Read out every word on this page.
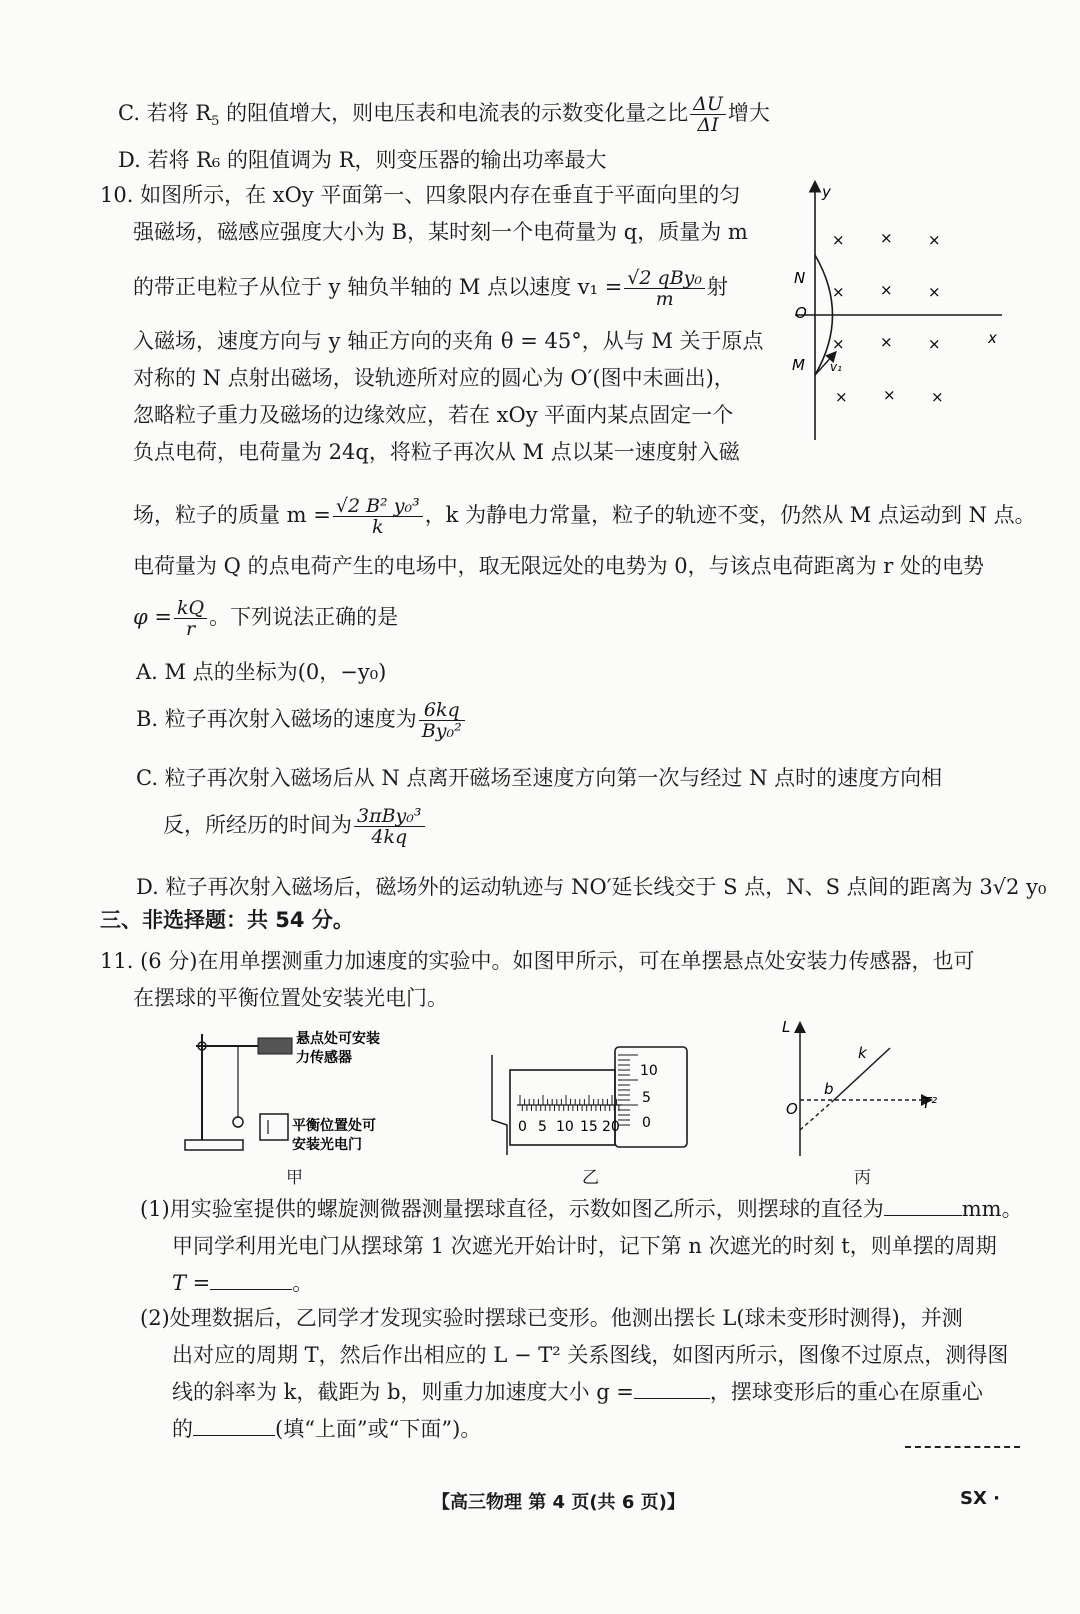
C. 若将 $R_5$ 的阻值增大，则电压表和电流表的示数变化量之比 $\frac{\Delta U}{\Delta I}$ 增大
D. 若将 R₆ 的阻值调为 R，则变压器的输出功率最大
10. 如图所示，在 xOy 平面第一、四象限内存在垂直于平面向里的匀
强磁场，磁感应强度大小为 B，某时刻一个电荷量为 q，质量为 m
的带正电粒子从位于 y 轴负半轴的 M 点以速度 $v_1 = \frac{\text{√2 qBy₀}}{m}$ 射
入磁场，速度方向与 y 轴正方向的夹角 θ = 45°，从与 M 关于原点
对称的 N 点射出磁场，设轨迹所对应的圆心为 O′(图中未画出)，
忽略粒子重力及磁场的边缘效应，若在 xOy 平面内某点固定一个
负点电荷，电荷量为 24q，将粒子再次从 M 点以某一速度射入磁
场，粒子的质量 $m = \frac{\text{√2 B² y₀³}}{k}$ ，k 为静电力常量，粒子的轨迹不变，仍然从 M 点运动到 N 点。
电荷量为 Q 的点电荷产生的电场中，取无限远处的电势为 0，与该点电荷距离为 r 处的电势
$\varphi = \frac{kQ}{r}$ 。下列说法正确的是
A. M 点的坐标为(0，−y₀)
B. 粒子再次射入磁场的速度为 $\frac{6kq}{\text{By₀²}}$
C. 粒子再次射入磁场后从 N 点离开磁场至速度方向第一次与经过 N 点时的速度方向相
反，所经历的时间为 $\frac{\text{3πBy₀³}}{4kq}$
D. 粒子再次射入磁场后，磁场外的运动轨迹与 NO′延长线交于 S 点，N、S 点间的距离为 3√2 y₀
y
x
O
N
M v₁
× × ×
× × ×
× × ×
× × ×
三、非选择题：共 54 分。
11. (6 分)在用单摆测重力加速度的实验中。如图甲所示，可在单摆悬点处安装力传感器，也可
在摆球的平衡位置处安装光电门。
悬点处可安装
力传感器
平衡位置处可
安装光电门
甲
0 5 10 15 20
10
5
0
乙
L
T²
O
b
k
丙
(1)用实验室提供的螺旋测微器测量摆球直径，示数如图乙所示，则摆球的直径为	mm。
甲同学利用光电门从摆球第 1 次遮光开始计时，记下第 n 次遮光的时刻 t，则单摆的周期
T =	。
(2)处理数据后，乙同学才发现实验时摆球已变形。他测出摆长 L(球未变形时测得)，并测
出对应的周期 T，然后作出相应的 L − T² 关系图线，如图丙所示，图像不过原点，测得图
线的斜率为 k，截距为 b，则重力加速度大小 g =	，摆球变形后的重心在原重心
的	(填“上面”或“下面”)。
【高三物理 第 4 页(共 6 页)】	SX ·
